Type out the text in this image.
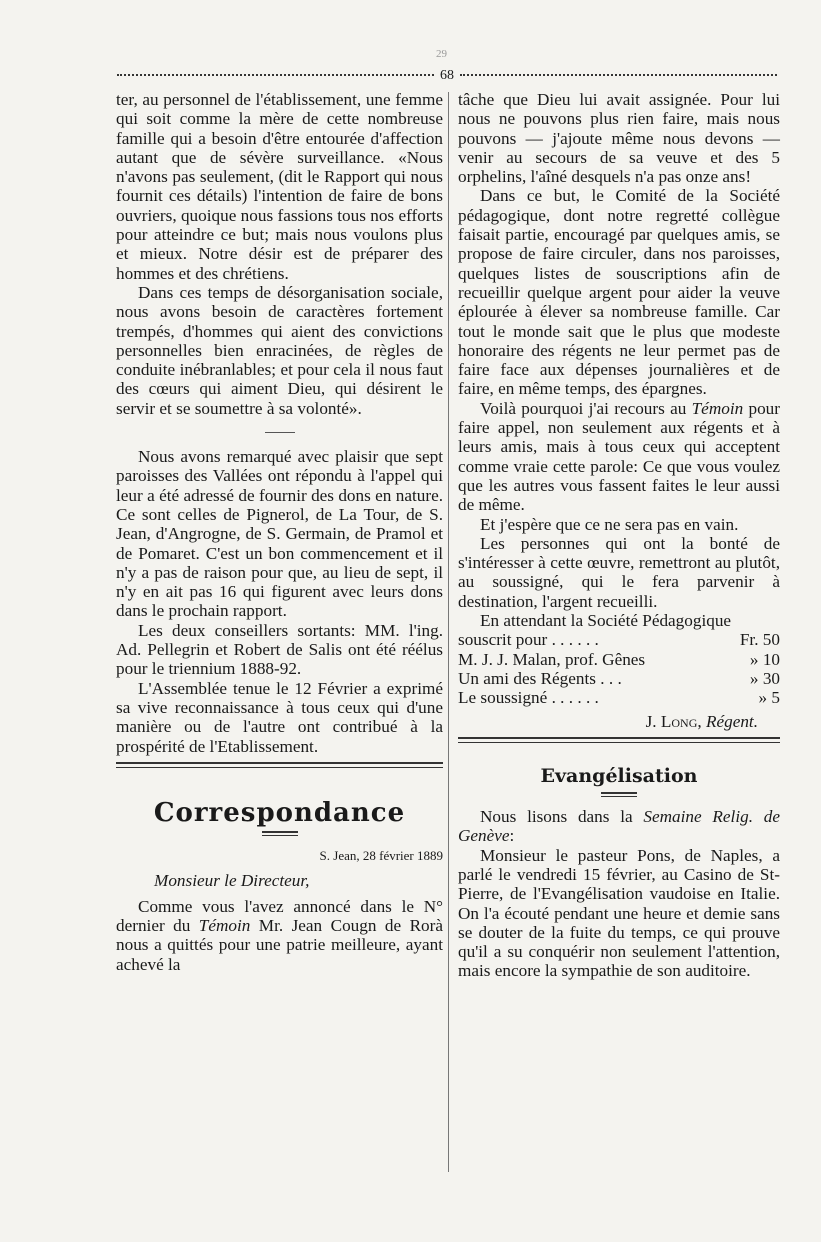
68
29

ter, au personnel de l'établissement, une femme qui soit comme la mère de cette nombreuse famille qui a besoin d'être entourée d'affection autant que de sévère surveillance. «Nous n'avons pas seulement, (dit le Rapport qui nous fournit ces détails) l'intention de faire de bons ouvriers, quoique nous fassions tous nos efforts pour atteindre ce but; mais nous voulons plus et mieux. Notre désir est de préparer des hommes et des chrétiens.

Dans ces temps de désorganisation sociale, nous avons besoin de caractères fortement trempés, d'hommes qui aient des convictions personnelles bien enracinées, de règles de conduite inébranlables; et pour cela il nous faut des cœurs qui aiment Dieu, qui désirent le servir et se soumettre à sa volonté».

Nous avons remarqué avec plaisir que sept paroisses des Vallées ont répondu à l'appel qui leur a été adressé de fournir des dons en nature. Ce sont celles de Pignerol, de La Tour, de S. Jean, d'Angrogne, de S. Germain, de Pramol et de Pomaret. C'est un bon commencement et il n'y a pas de raison pour que, au lieu de sept, il n'y en ait pas 16 qui figurent avec leurs dons dans le prochain rapport.

Les deux conseillers sortants: MM. l'ing. Ad. Pellegrin et Robert de Salis ont été réélus pour le triennium 1888-92.

L'Assemblée tenue le 12 Février a exprimé sa vive reconnaissance à tous ceux qui d'une manière ou de l'autre ont contribué à la prospérité de l'Etablissement.

Correspondance
S. Jean, 28 février 1889
Monsieur le Directeur,

Comme vous l'avez annoncé dans le N° dernier du Témoin Mr. Jean Cougn de Rorà nous a quittés pour une patrie meilleure, ayant achevé la

tâche que Dieu lui avait assignée. Pour lui nous ne pouvons plus rien faire, mais nous pouvons — j'ajoute même nous devons — venir au secours de sa veuve et des 5 orphelins, l'aîné desquels n'a pas onze ans!

Dans ce but, le Comité de la Société pédagogique, dont notre regretté collègue faisait partie, encouragé par quelques amis, se propose de faire circuler, dans nos paroisses, quelques listes de souscriptions afin de recueillir quelque argent pour aider la veuve éplourée à élever sa nombreuse famille. Car tout le monde sait que le plus que modeste honoraire des régents ne leur permet pas de faire face aux dépenses journalières et de faire, en même temps, des épargnes.

Voilà pourquoi j'ai recours au Témoin pour faire appel, non seulement aux régents et à leurs amis, mais à tous ceux qui acceptent comme vraie cette parole: Ce que vous voulez que les autres vous fassent faites le leur aussi de même.

Et j'espère que ce ne sera pas en vain.

Les personnes qui ont la bonté de s'intéresser à cette œuvre, remettront au plutôt, au soussigné, qui le fera parvenir à destination, l'argent recueilli.

En attendant la Société Pédagogique

souscrit pour . . . . . .	Fr. 50
M. J. J. Malan, prof. Gênes	» 10
Un ami des Régents . . .	» 30
Le soussigné . . . . . .	» 5
J. Long, Régent.
Evangélisation

Nous lisons dans la Semaine Relig. de Genève:

Monsieur le pasteur Pons, de Naples, a parlé le vendredi 15 février, au Casino de St-Pierre, de l'Evangélisation vaudoise en Italie. On l'a écouté pendant une heure et demie sans se douter de la fuite du temps, ce qui prouve qu'il a su conquérir non seulement l'attention, mais encore la sympathie de son auditoire.
